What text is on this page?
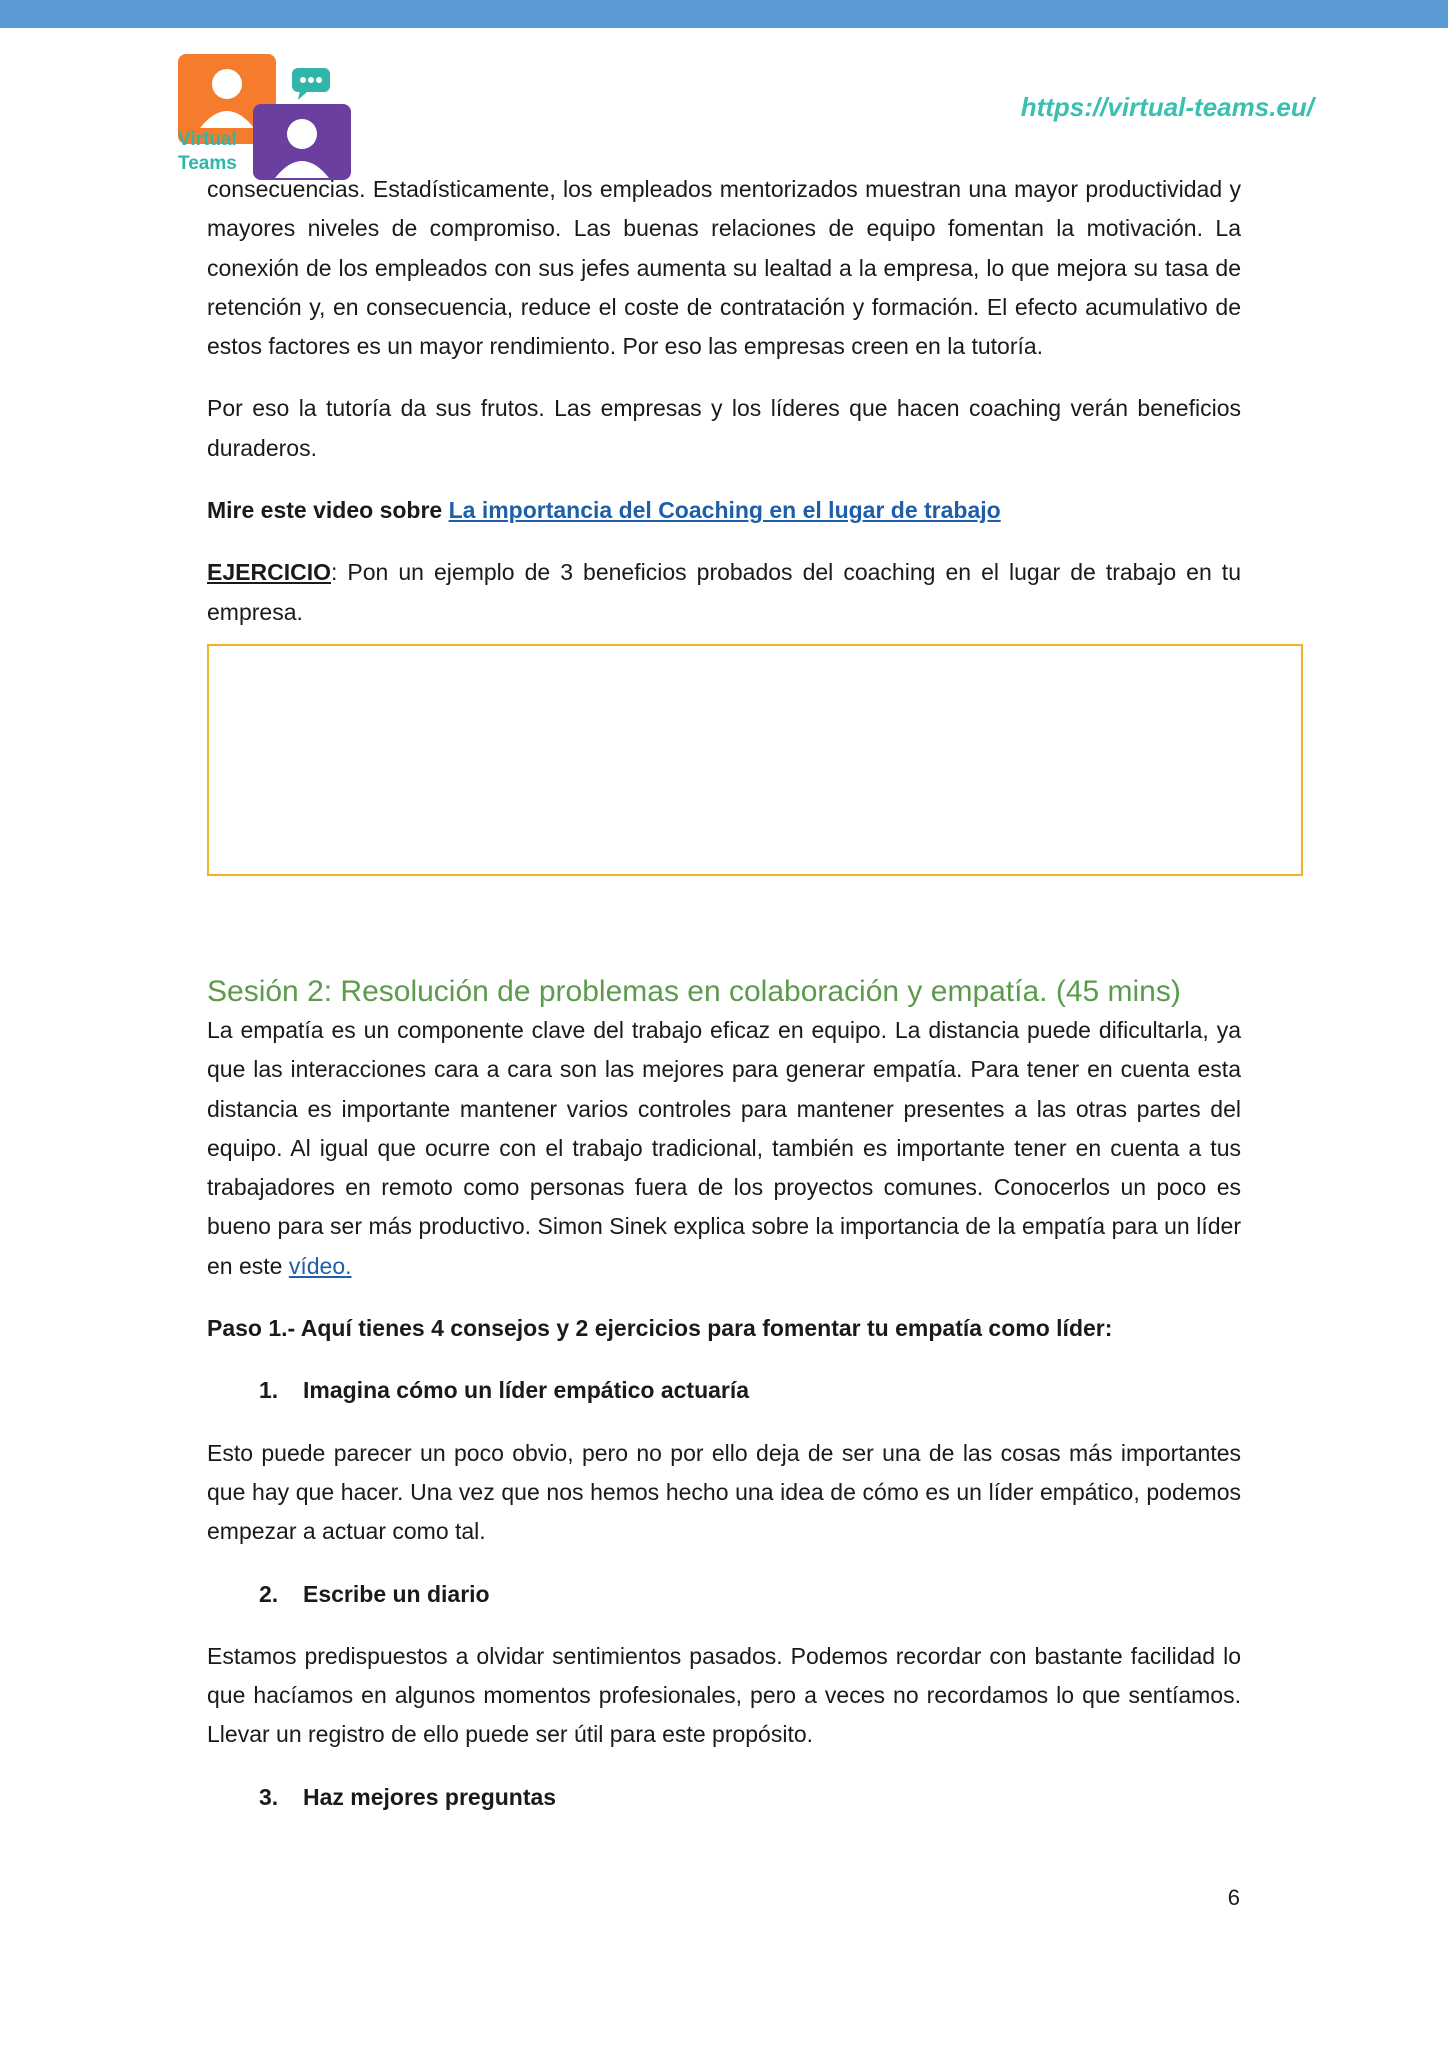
Virtual
Teams
https://virtual-teams.eu/

consecuencias. Estadísticamente, los empleados mentorizados muestran una mayor productividad y mayores niveles de compromiso. Las buenas relaciones de equipo fomentan la motivación. La conexión de los empleados con sus jefes aumenta su lealtad a la empresa, lo que mejora su tasa de retención y, en consecuencia, reduce el coste de contratación y formación. El efecto acumulativo de estos factores es un mayor rendimiento. Por eso las empresas creen en la tutoría.

Por eso la tutoría da sus frutos. Las empresas y los líderes que hacen coaching verán beneficios duraderos.

Mire este video sobre La importancia del Coaching en el lugar de trabajo

EJERCICIO: Pon un ejemplo de 3 beneficios probados del coaching en el lugar de trabajo en tu empresa.

Sesión 2: Resolución de problemas en colaboración y empatía. (45 mins)

La empatía es un componente clave del trabajo eficaz en equipo. La distancia puede dificultarla, ya que las interacciones cara a cara son las mejores para generar empatía. Para tener en cuenta esta distancia es importante mantener varios controles para mantener presentes a las otras partes del equipo. Al igual que ocurre con el trabajo tradicional, también es importante tener en cuenta a tus trabajadores en remoto como personas fuera de los proyectos comunes. Conocerlos un poco es bueno para ser más productivo. Simon Sinek explica sobre la importancia de la empatía para un líder en este vídeo.

Paso 1.- Aquí tienes 4 consejos y 2 ejercicios para fomentar tu empatía como líder:

1. Imagina cómo un líder empático actuaría

Esto puede parecer un poco obvio, pero no por ello deja de ser una de las cosas más importantes que hay que hacer. Una vez que nos hemos hecho una idea de cómo es un líder empático, podemos empezar a actuar como tal.

2. Escribe un diario

Estamos predispuestos a olvidar sentimientos pasados. Podemos recordar con bastante facilidad lo que hacíamos en algunos momentos profesionales, pero a veces no recordamos lo que sentíamos. Llevar un registro de ello puede ser útil para este propósito.

3. Haz mejores preguntas
6
